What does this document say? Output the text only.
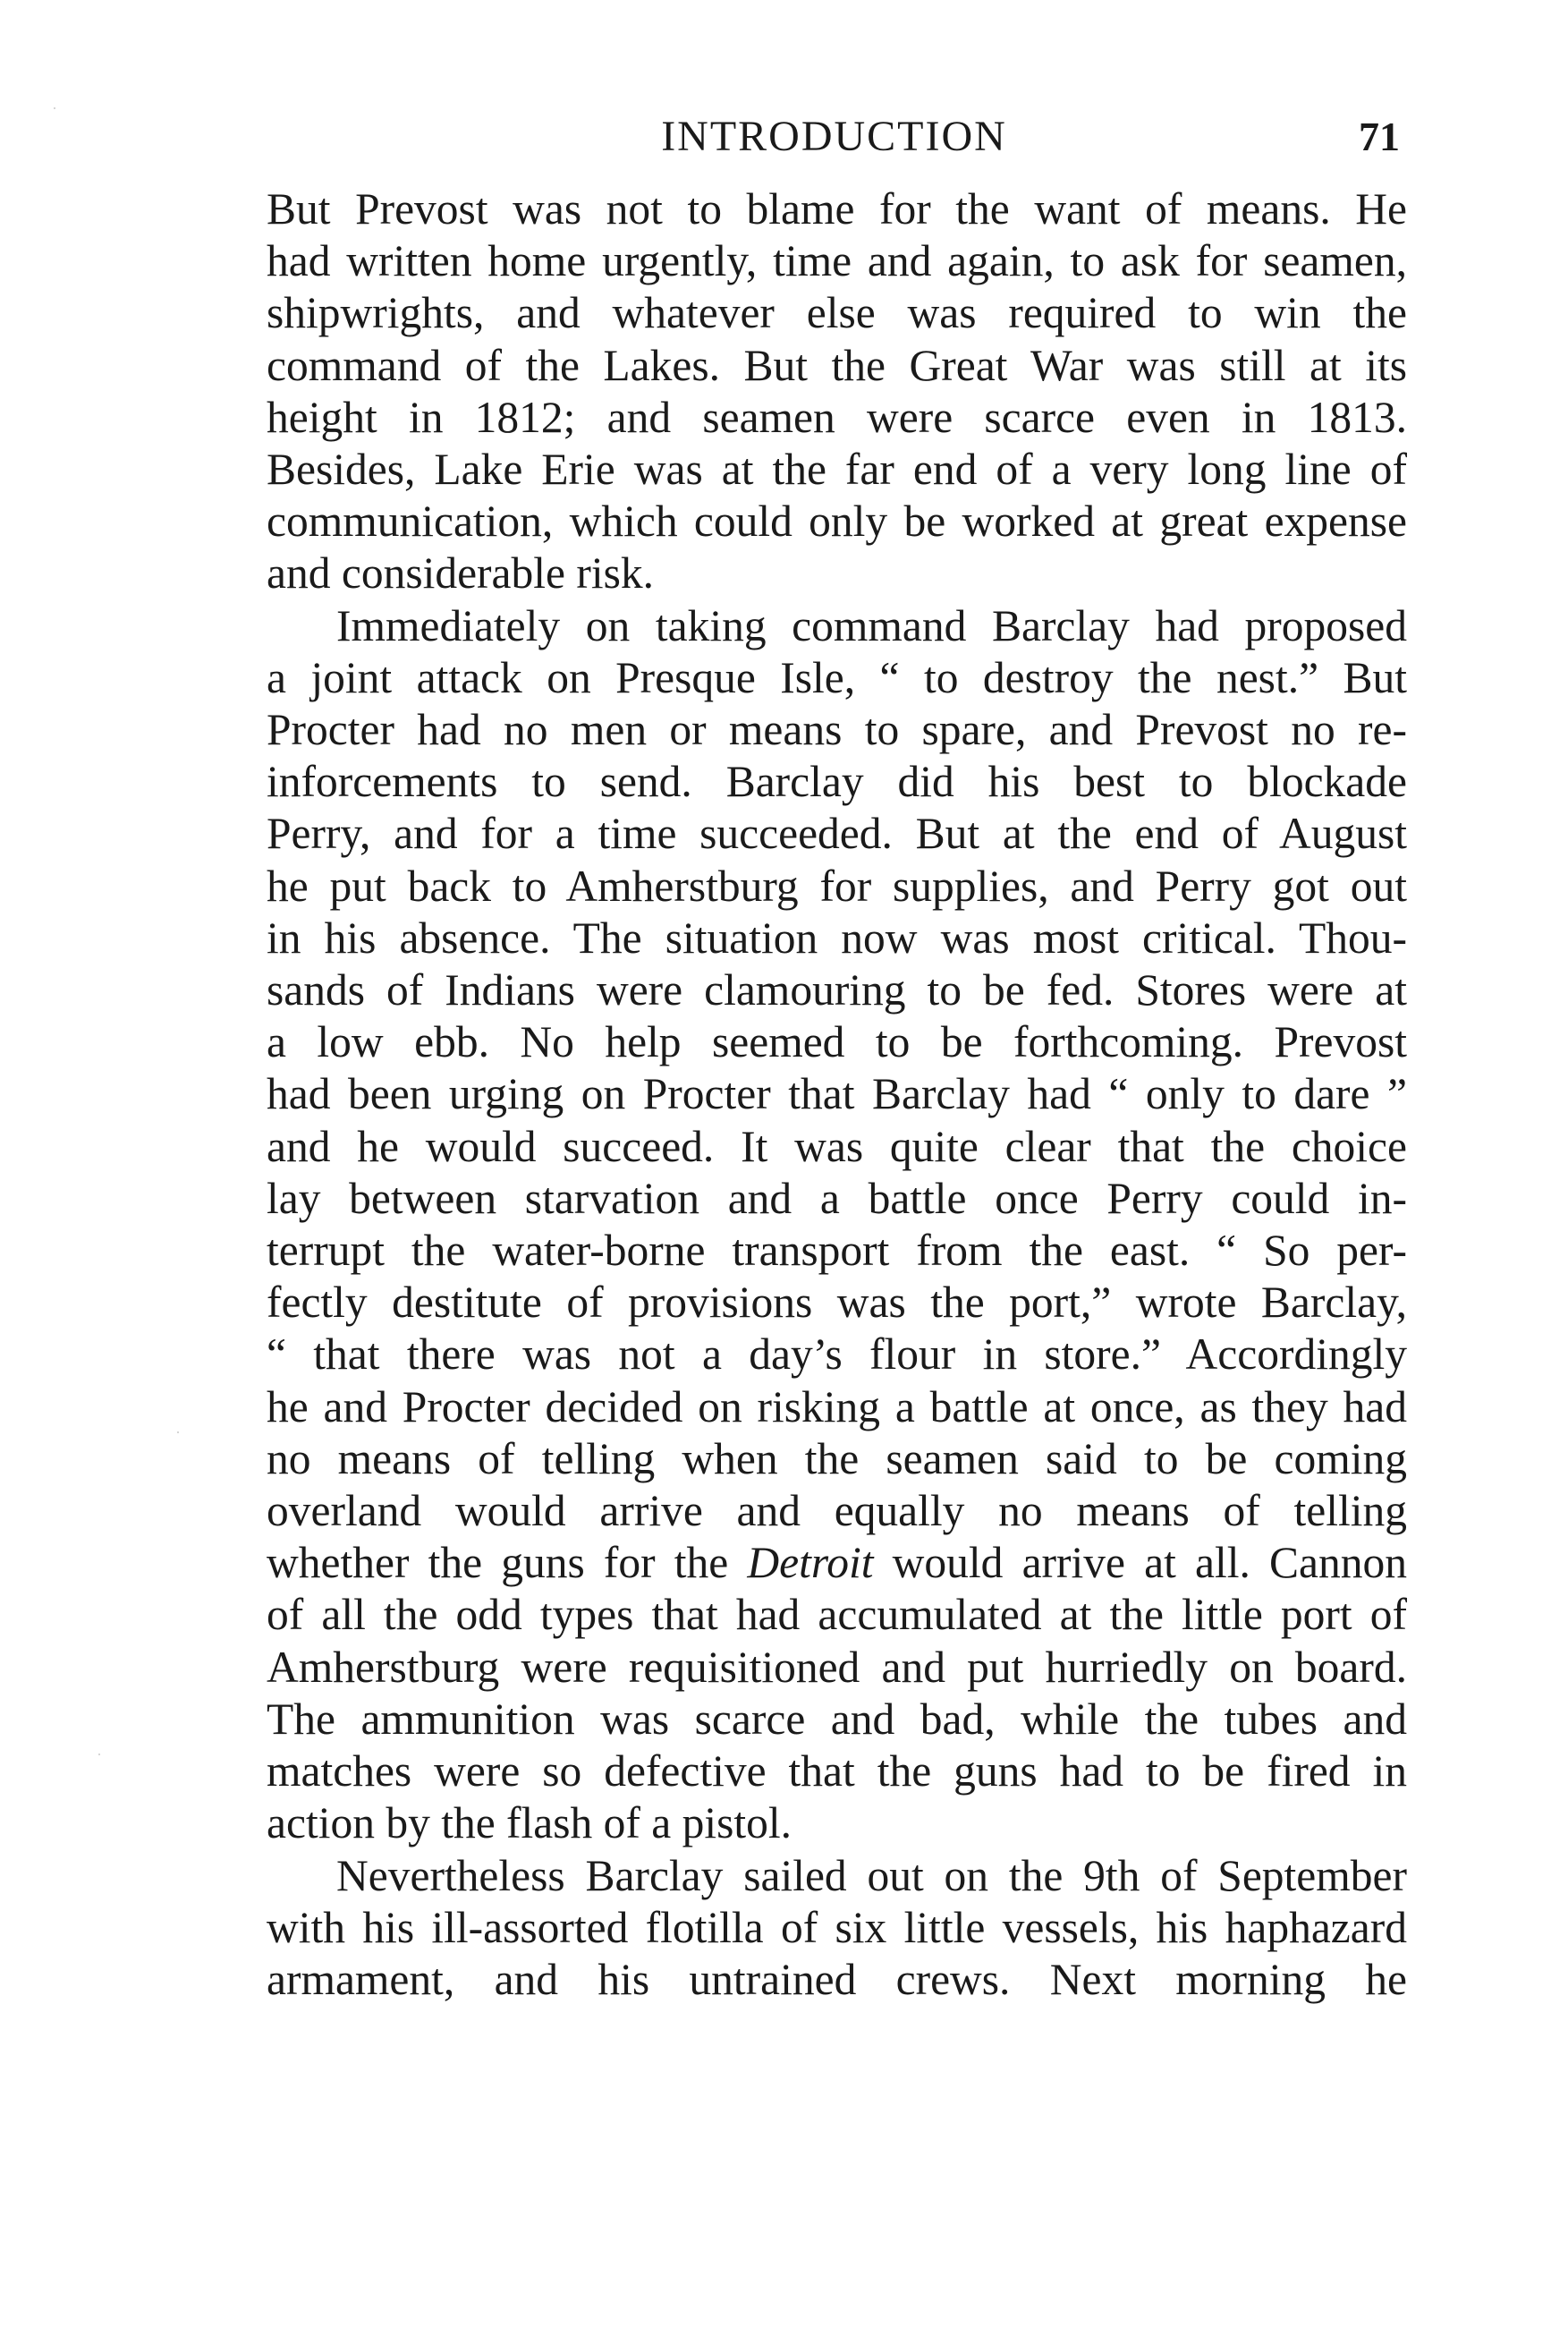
INTRODUCTION	71
But Prevost was not to blame for the want of means. He
had written home urgently, time and again, to ask for seamen,
shipwrights, and whatever else was required to win the
command of the Lakes. But the Great War was still at its
height in 1812; and seamen were scarce even in 1813.
Besides, Lake Erie was at the far end of a very long line of
communication, which could only be worked at great expense
and considerable risk.
Immediately on taking command Barclay had proposed
a joint attack on Presque Isle, “ to destroy the nest.” But
Procter had no men or means to spare, and Prevost no re-
inforcements to send. Barclay did his best to blockade
Perry, and for a time succeeded. But at the end of August
he put back to Amherstburg for supplies, and Perry got out
in his absence. The situation now was most critical. Thou-
sands of Indians were clamouring to be fed. Stores were at
a low ebb. No help seemed to be forthcoming. Prevost
had been urging on Procter that Barclay had “ only to dare ”
and he would succeed. It was quite clear that the choice
lay between starvation and a battle once Perry could in-
terrupt the water-borne transport from the east. “ So per-
fectly destitute of provisions was the port,” wrote Barclay,
“ that there was not a day’s flour in store.” Accordingly
he and Procter decided on risking a battle at once, as they had
no means of telling when the seamen said to be coming
overland would arrive and equally no means of telling
whether the guns for the Detroit would arrive at all. Cannon
of all the odd types that had accumulated at the little port of
Amherstburg were requisitioned and put hurriedly on board.
The ammunition was scarce and bad, while the tubes and
matches were so defective that the guns had to be fired in
action by the flash of a pistol.
Nevertheless Barclay sailed out on the 9th of September
with his ill-assorted flotilla of six little vessels, his haphazard
armament, and his untrained crews. Next morning he
